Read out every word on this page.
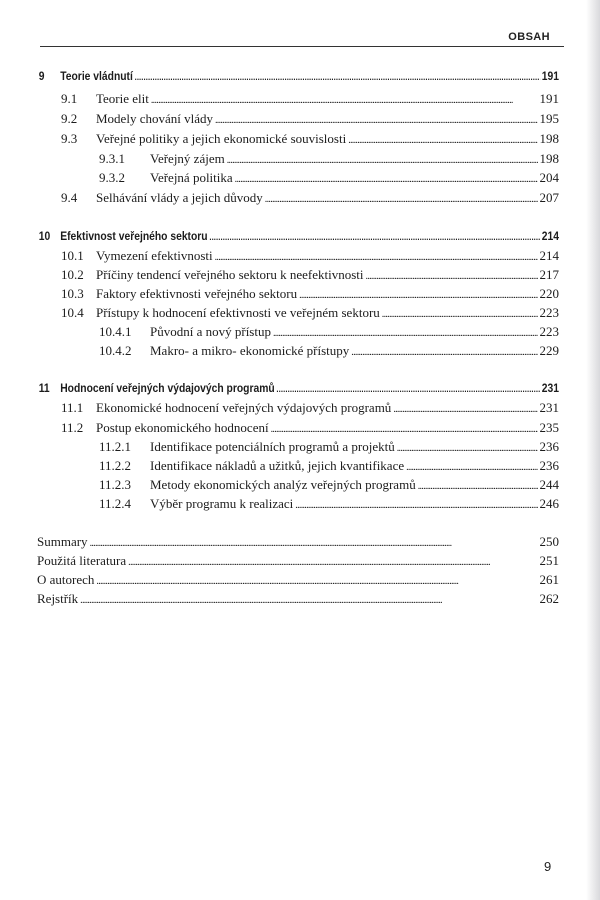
OBSAH
9	Teorie vládnutí . . .	191
9.1	Teorie elit . . .	191
9.2	Modely chování vlády . . .	195
9.3	Veřejné politiky a jejich ekonomické souvislosti . . .	198
9.3.1	Veřejný zájem . . .	198
9.3.2	Veřejná politika . . .	204
9.4	Selhávání vlády a jejich důvody . . .	207
10 Efektivnost veřejného sektoru . . .	214
10.1 Vymezení efektivnosti . . .	214
10.2 Příčiny tendencí veřejného sektoru k neefektivnosti . . .	217
10.3 Faktory efektivnosti veřejného sektoru . . .	220
10.4 Přístupy k hodnocení efektivnosti ve veřejném sektoru . . .	223
10.4.1	Původní a nový přístup . . .	223
10.4.2	Makro- a mikro- ekonomické přístupy . . .	229
11 Hodnocení veřejných výdajových programů . . .	231
11.1 Ekonomické hodnocení veřejných výdajových programů . . .	231
11.2 Postup ekonomického hodnocení . . .	235
11.2.1	Identifikace potenciálních programů a projektů . . .	236
11.2.2	Identifikace nákladů a užitků, jejich kvantifikace . . .	236
11.2.3	Metody ekonomických analýz veřejných programů . . .	244
11.2.4	Výběr programu k realizaci . . .	246
Summary . . .	250
Použitá literatura . . .	251
O autorech . . .	261
Rejstřík . . .	262
9
